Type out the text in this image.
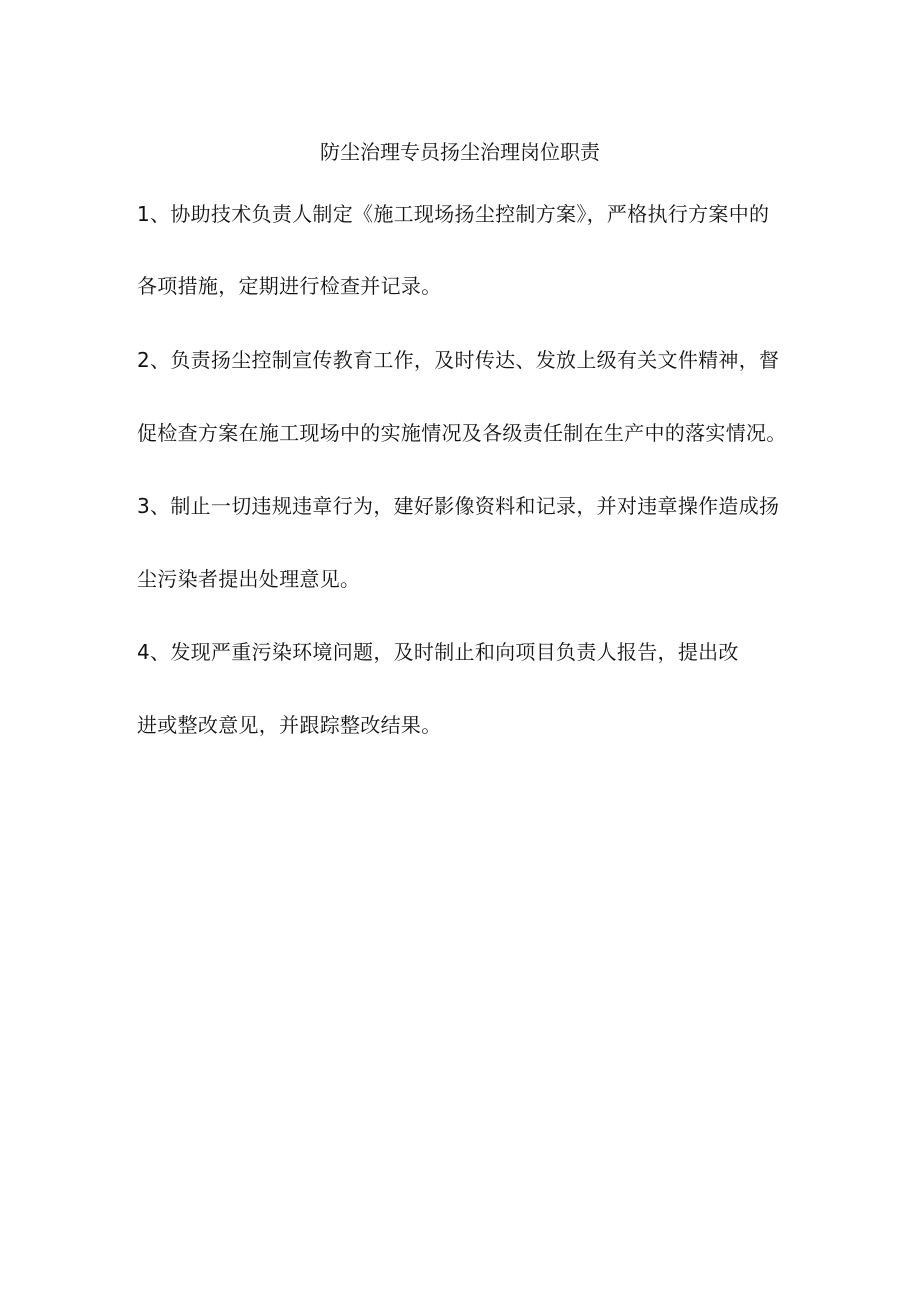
防尘治理专员扬尘治理岗位职责
1、协助技术负责人制定《施工现场扬尘控制方案》，严格执行方案中的
各项措施，定期进行检查并记录。
2、负责扬尘控制宣传教育工作，及时传达、发放上级有关文件精神，督
促检查方案在施工现场中的实施情况及各级责任制在生产中的落实情况。
3、制止一切违规违章行为，建好影像资料和记录，并对违章操作造成扬
尘污染者提出处理意见。
4、发现严重污染环境问题，及时制止和向项目负责人报告，提出改
进或整改意见，并跟踪整改结果。
